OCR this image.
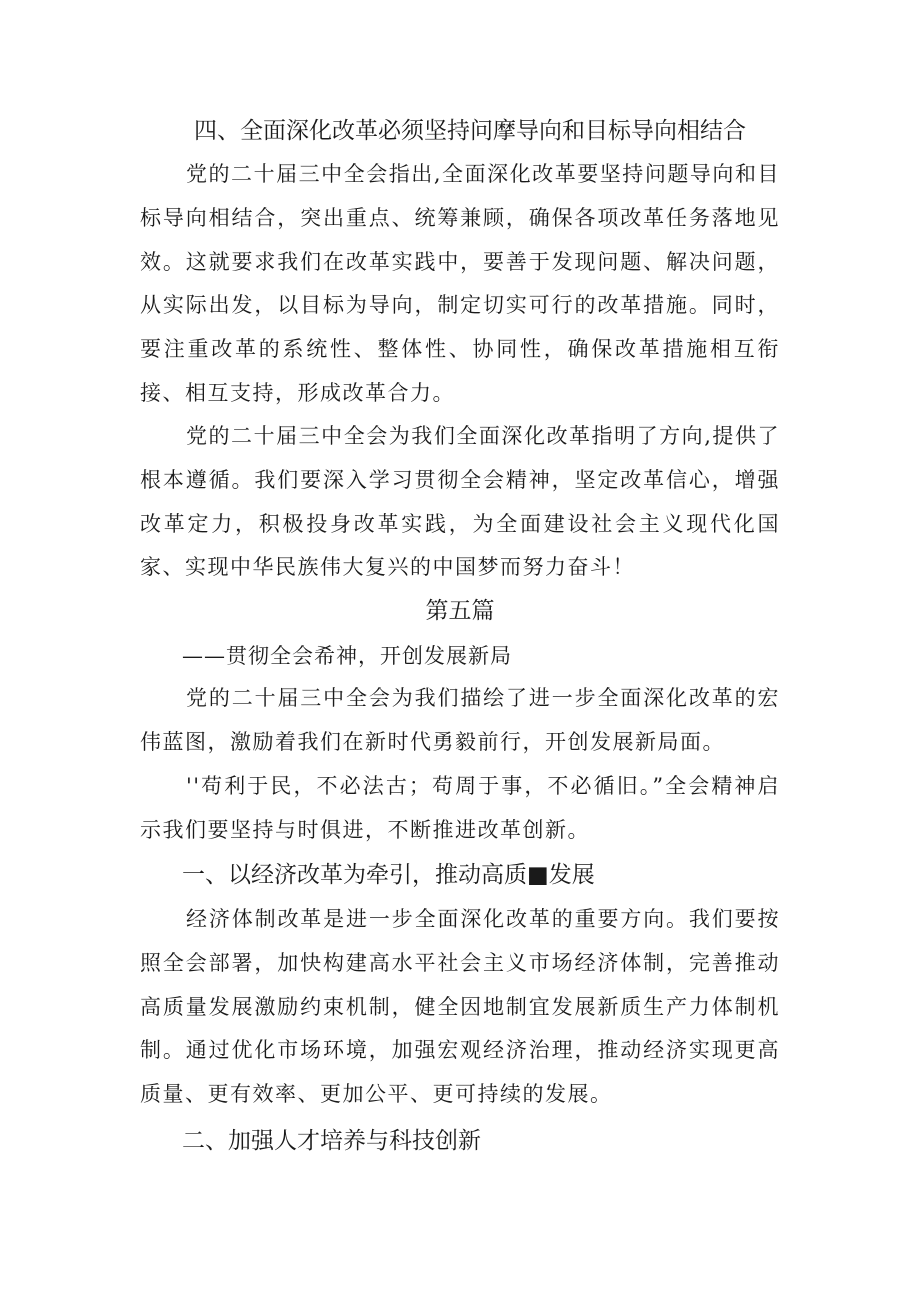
四、全面深化改革必须坚持问摩导向和目标导向相结合

党的二十届三中全会指出,全面深化改革要坚持问题导向和目标导向相结合，突出重点、统筹兼顾，确保各项改革任务落地见效。这就要求我们在改革实践中，要善于发现问题、解决问题，从实际出发，以目标为导向，制定切实可行的改革措施。同时，要注重改革的系统性、整体性、协同性，确保改革措施相互衔接、相互支持，形成改革合力。

党的二十届三中全会为我们全面深化改革指明了方向,提供了根本遵循。我们要深入学习贯彻全会精神，坚定改革信心，增强改革定力，积极投身改革实践，为全面建设社会主义现代化国家、实现中华民族伟大复兴的中国梦而努力奋斗！

第五篇
——贯彻全会希神，开创发展新局

党的二十届三中全会为我们描绘了进一步全面深化改革的宏伟蓝图，激励着我们在新时代勇毅前行，开创发展新局面。

''苟利于民，不必法古；苟周于事，不必循旧。”全会精神启示我们要坚持与时俱进，不断推进改革创新。

一、以经济改革为牵引，推动高质■发展

经济体制改革是进一步全面深化改革的重要方向。我们要按照全会部署，加快构建高水平社会主义市场经济体制，完善推动高质量发展激励约束机制，健全因地制宜发展新质生产力体制机制。通过优化市场环境，加强宏观经济治理，推动经济实现更高质量、更有效率、更加公平、更可持续的发展。

二、加强人才培养与科技创新
